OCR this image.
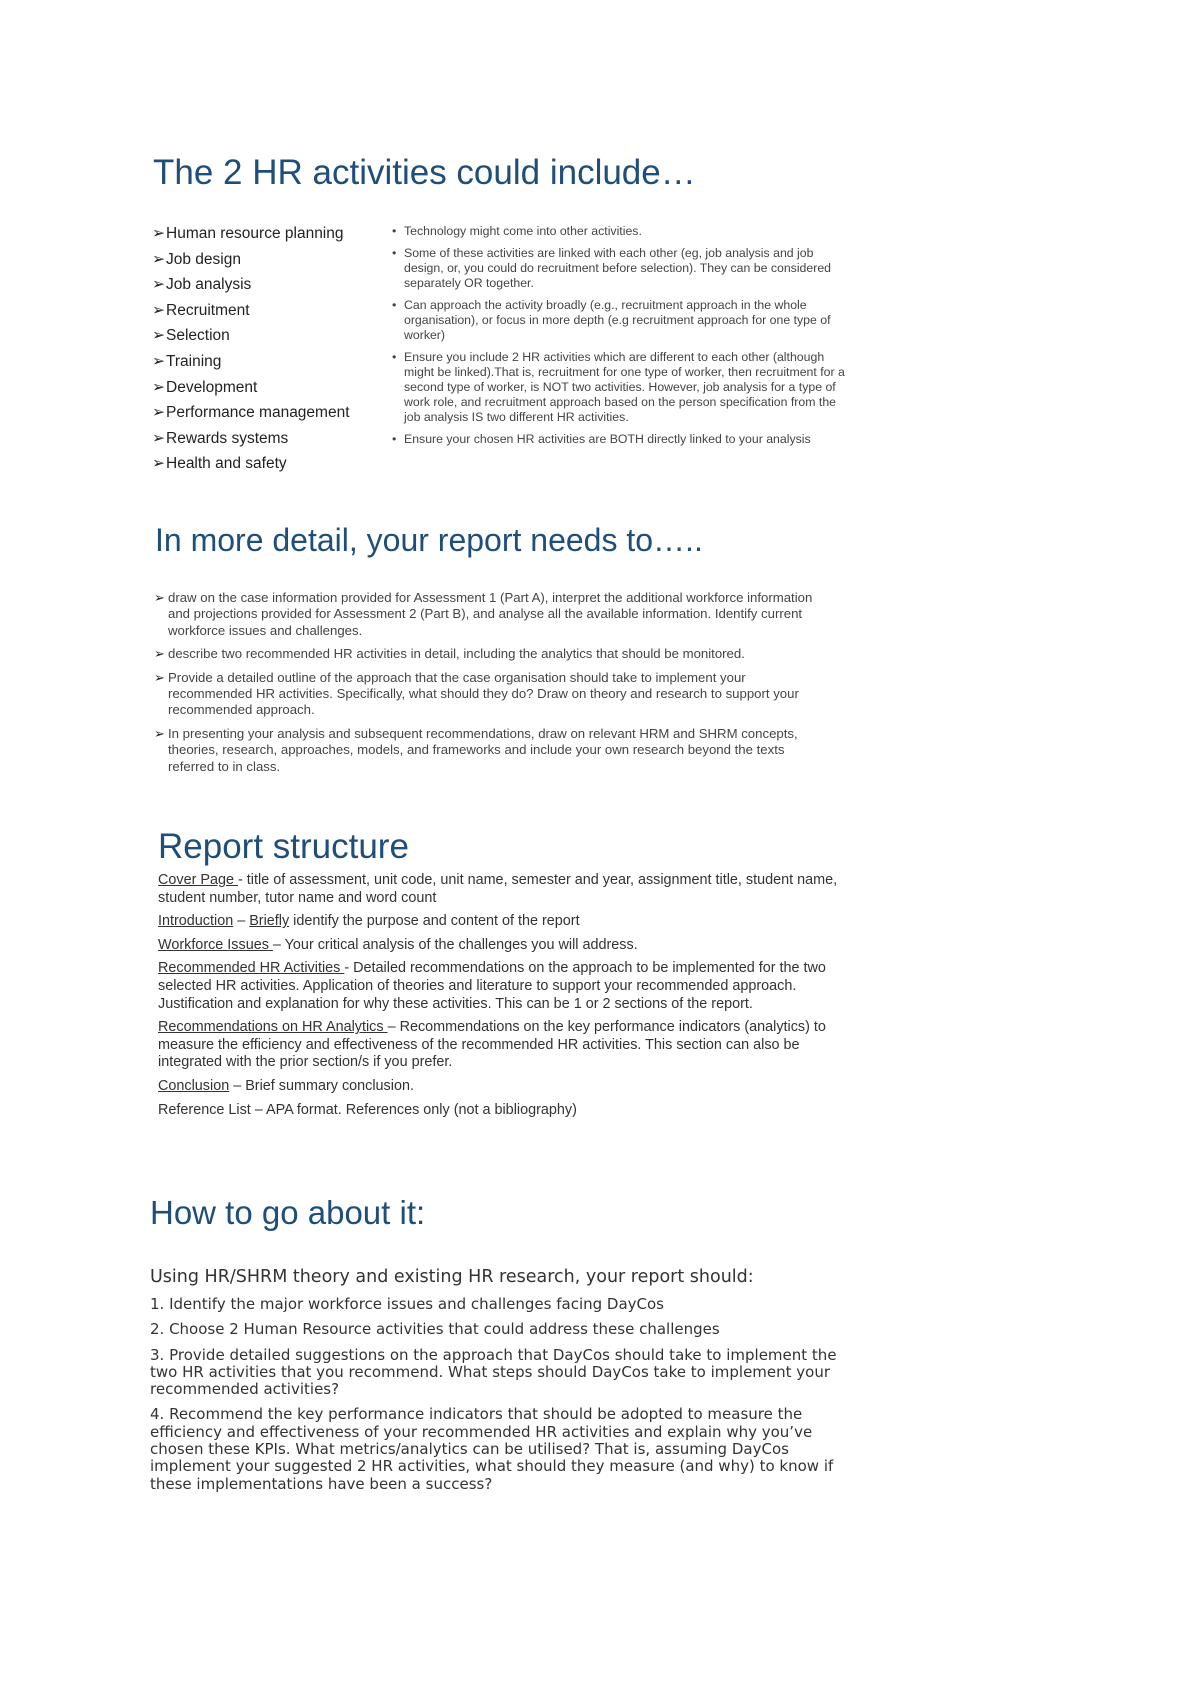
The 2 HR activities could include…
➢Human resource planning
➢Job design
➢Job analysis
➢Recruitment
➢Selection
➢Training
➢Development
➢Performance management
➢Rewards systems
➢Health and safety
• Technology might come into other activities.
• Some of these activities are linked with each other (eg, job analysis and job design, or, you could do recruitment before selection). They can be considered separately OR together.
• Can approach the activity broadly (e.g., recruitment approach in the whole organisation), or focus in more depth (e.g recruitment approach for one type of worker)
• Ensure you include 2 HR activities which are different to each other (although might be linked).That is, recruitment for one type of worker, then recruitment for a second type of worker, is NOT two activities. However, job analysis for a type of work role, and recruitment approach based on the person specification from the job analysis IS two different HR activities.
• Ensure your chosen HR activities are BOTH directly linked to your analysis
In more detail, your report needs to…..
➢ draw on the case information provided for Assessment 1 (Part A), interpret the additional workforce information and projections provided for Assessment 2 (Part B), and analyse all the available information. Identify current workforce issues and challenges.
➢ describe two recommended HR activities in detail, including the analytics that should be monitored.
➢ Provide a detailed outline of the approach that the case organisation should take to implement your recommended HR activities. Specifically, what should they do? Draw on theory and research to support your recommended approach.
➢ In presenting your analysis and subsequent recommendations, draw on relevant HRM and SHRM concepts, theories, research, approaches, models, and frameworks and include your own research beyond the texts referred to in class.
Report structure

Cover Page - title of assessment, unit code, unit name, semester and year, assignment title, student name, student number, tutor name and word count

Introduction – Briefly identify the purpose and content of the report

Workforce Issues – Your critical analysis of the challenges you will address.

Recommended HR Activities - Detailed recommendations on the approach to be implemented for the two selected HR activities. Application of theories and literature to support your recommended approach. Justification and explanation for why these activities. This can be 1 or 2 sections of the report.

Recommendations on HR Analytics – Recommendations on the key performance indicators (analytics) to measure the efficiency and effectiveness of the recommended HR activities. This section can also be integrated with the prior section/s if you prefer.

Conclusion – Brief summary conclusion.

Reference List – APA format. References only (not a bibliography)

How to go about it:

Using HR/SHRM theory and existing HR research, your report should:

1. Identify the major workforce issues and challenges facing DayCos

2. Choose 2 Human Resource activities that could address these challenges

3. Provide detailed suggestions on the approach that DayCos should take to implement the two HR activities that you recommend. What steps should DayCos take to implement your recommended activities?

4. Recommend the key performance indicators that should be adopted to measure the efficiency and effectiveness of your recommended HR activities and explain why you’ve chosen these KPIs. What metrics/analytics can be utilised? That is, assuming DayCos implement your suggested 2 HR activities, what should they measure (and why) to know if these implementations have been a success?
